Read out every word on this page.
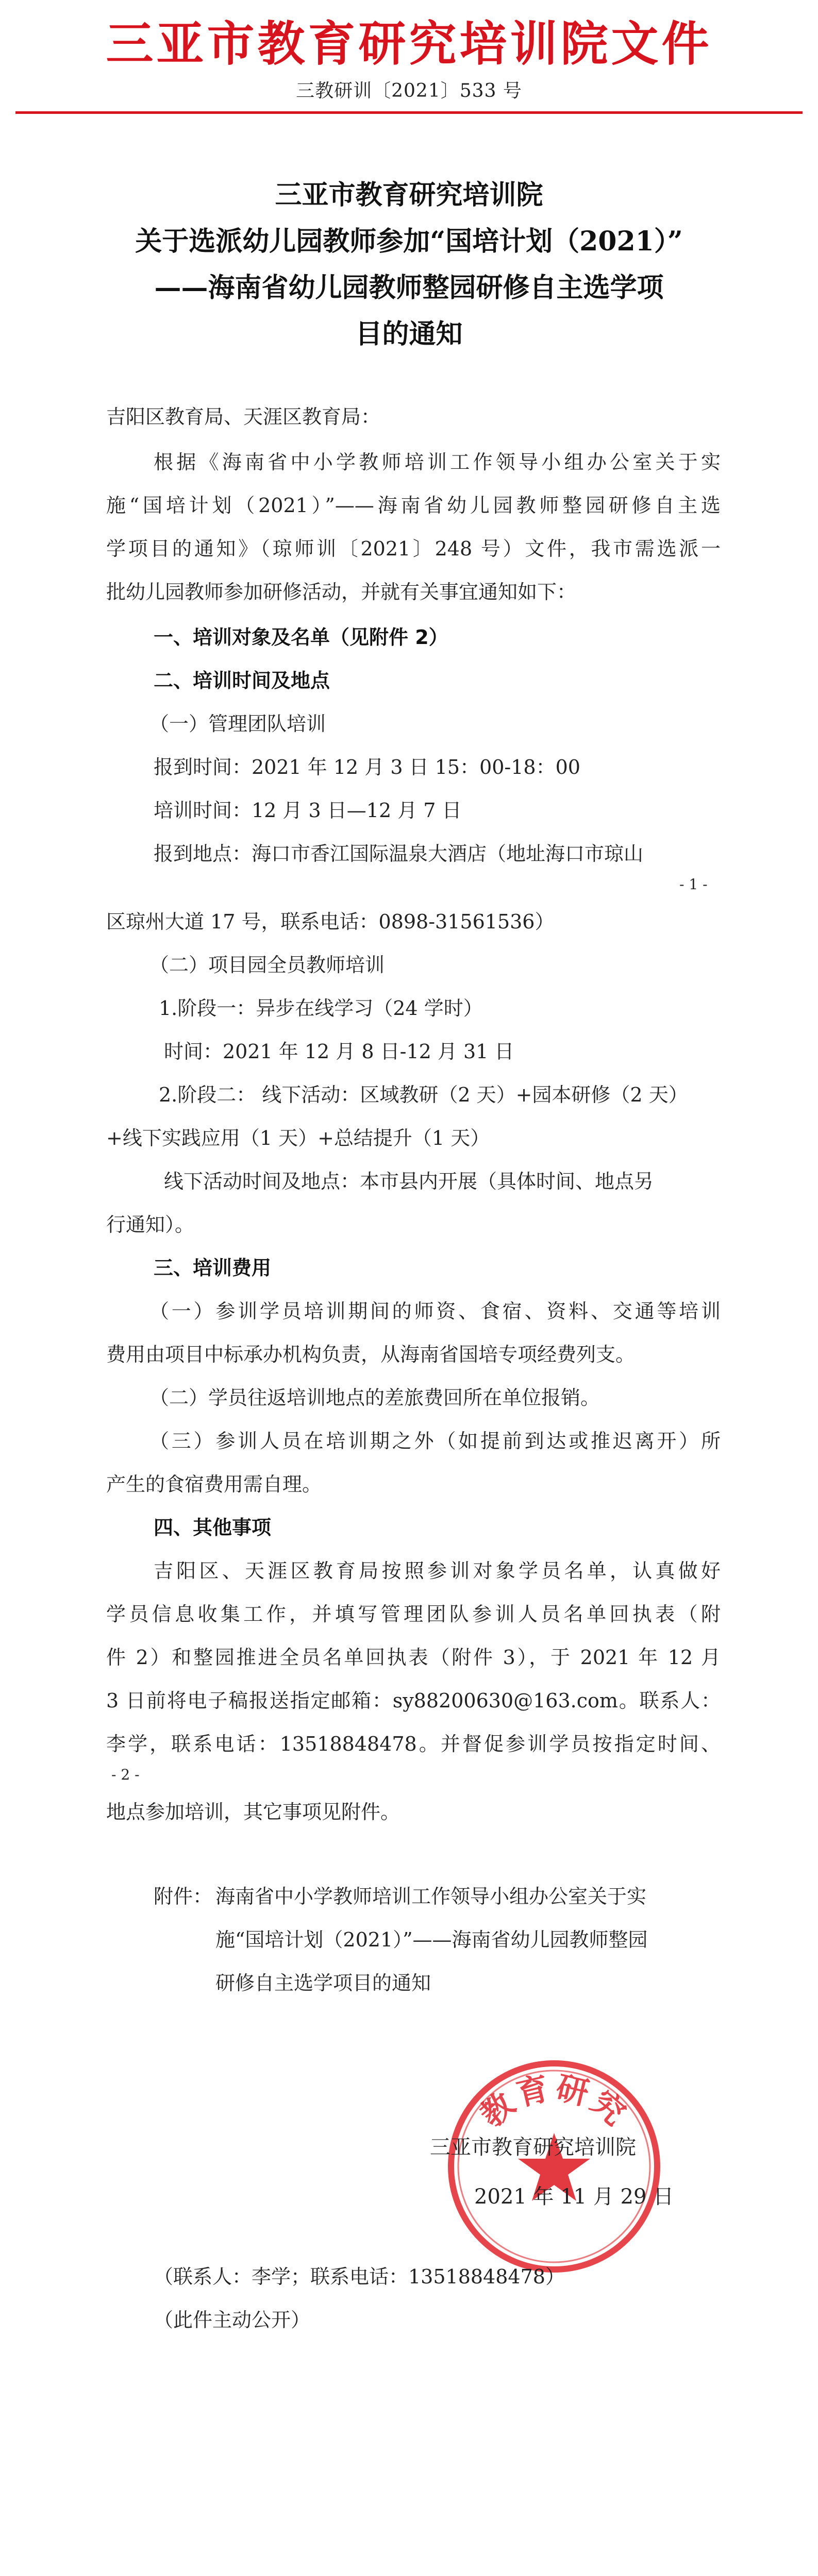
三亚市教育研究培训院文件
三教研训〔2021〕533 号
三亚市教育研究培训院
关于选派幼儿园教师参加“国培计划（2021）”
——海南省幼儿园教师整园研修自主选学项
目的通知
吉阳区教育局、天涯区教育局：
根据《海南省中小学教师培训工作领导小组办公室关于实
施“国培计划（2021）”——海南省幼儿园教师整园研修自主选
学项目的通知》（琼师训〔2021〕248 号）文件，我市需选派一
批幼儿园教师参加研修活动，并就有关事宜通知如下：
一、培训对象及名单（见附件 2）
二、培训时间及地点
（一）管理团队培训
报到时间：2021 年 12 月 3 日 15：00-18：00
培训时间：12 月 3 日—12 月 7 日
报到地点：海口市香江国际温泉大酒店（地址海口市琼山
- 1 -
区琼州大道 17 号，联系电话：0898-31561536）
（二）项目园全员教师培训
1.阶段一：异步在线学习（24 学时）
时间：2021 年 12 月 8 日-12 月 31 日
2.阶段二： 线下活动：区域教研（2 天）+园本研修（2 天）
+线下实践应用（1 天）+总结提升（1 天）
线下活动时间及地点：本市县内开展（具体时间、地点另
行通知）。
三、培训费用
（一）参训学员培训期间的师资、食宿、资料、交通等培训
费用由项目中标承办机构负责，从海南省国培专项经费列支。
（二）学员往返培训地点的差旅费回所在单位报销。
（三）参训人员在培训期之外（如提前到达或推迟离开）所
产生的食宿费用需自理。
四、其他事项
吉阳区、天涯区教育局按照参训对象学员名单，认真做好
学员信息收集工作，并填写管理团队参训人员名单回执表（附
件 2）和整园推进全员名单回执表（附件 3），于 2021 年 12 月
3 日前将电子稿报送指定邮箱：sy88200630@163.com。联系人：
李学，联系电话：13518848478。并督促参训学员按指定时间、
- 2 -
地点参加培训，其它事项见附件。
附件： 海南省中小学教师培训工作领导小组办公室关于实
施“国培计划（2021）”——海南省幼儿园教师整园
研修自主选学项目的通知
教育研究
三亚市教育研究培训院
2021 年 11 月 29 日
（联系人：李学；联系电话：13518848478）
（此件主动公开）
